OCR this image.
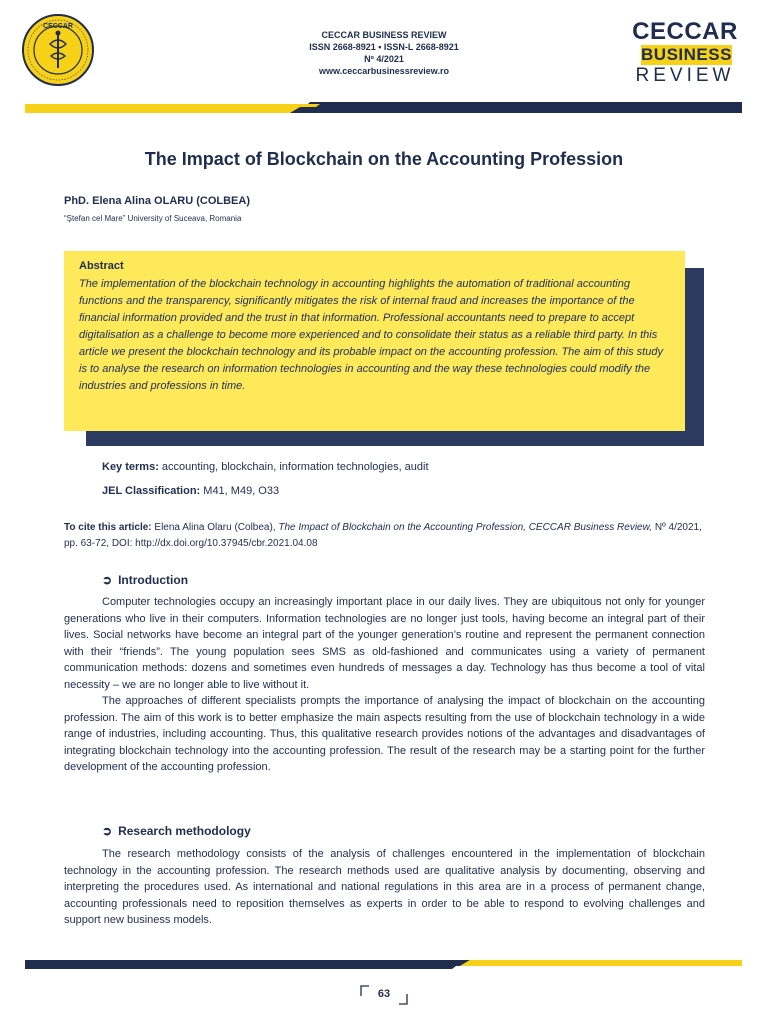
CECCAR
CECCAR BUSINESS REVIEW
ISSN 2668-8921 • ISSN-L 2668-8921
Nº 4/2021
www.ceccarbusinessreview.ro
CECCAR
BUSINESS
REVIEW
The Impact of Blockchain on the Accounting Profession
PhD. Elena Alina OLARU (COLBEA)
“Ştefan cel Mare” University of Suceava, Romania
Abstract
The implementation of the blockchain technology in accounting highlights the automation of traditional accounting functions and the transparency, significantly mitigates the risk of internal fraud and increases the importance of the financial information provided and the trust in that information. Professional accountants need to prepare to accept digitalisation as a challenge to become more experienced and to consolidate their status as a reliable third party. In this article we present the blockchain technology and its probable impact on the accounting profession. The aim of this study is to analyse the research on information technologies in accounting and the way these technologies could modify the industries and professions in time.
Key terms: accounting, blockchain, information technologies, audit
JEL Classification: M41, M49, O33
To cite this article: Elena Alina Olaru (Colbea), The Impact of Blockchain on the Accounting Profession, CECCAR Business Review, Nº 4/2021, pp. 63-72, DOI: http://dx.doi.org/10.37945/cbr.2021.04.08
➲ Introduction

Computer technologies occupy an increasingly important place in our daily lives. They are ubiquitous not only for younger generations who live in their computers. Information technologies are no longer just tools, having become an integral part of their lives. Social networks have become an integral part of the younger generation’s routine and represent the permanent connection with their “friends”. The young population sees SMS as old-fashioned and communicates using a variety of permanent communication methods: dozens and sometimes even hundreds of messages a day. Technology has thus become a tool of vital necessity – we are no longer able to live without it.

The approaches of different specialists prompts the importance of analysing the impact of blockchain on the accounting profession. The aim of this work is to better emphasize the main aspects resulting from the use of blockchain technology in a wide range of industries, including accounting. Thus, this qualitative research provides notions of the advantages and disadvantages of integrating blockchain technology into the accounting profession. The result of the research may be a starting point for the further development of the accounting profession.

➲ Research methodology

The research methodology consists of the analysis of challenges encountered in the implementation of blockchain technology in the accounting profession. The research methods used are qualitative analysis by documenting, observing and interpreting the procedures used. As international and national regulations in this area are in a process of permanent change, accounting professionals need to reposition themselves as experts in order to be able to respond to evolving challenges and support new business models.

63
